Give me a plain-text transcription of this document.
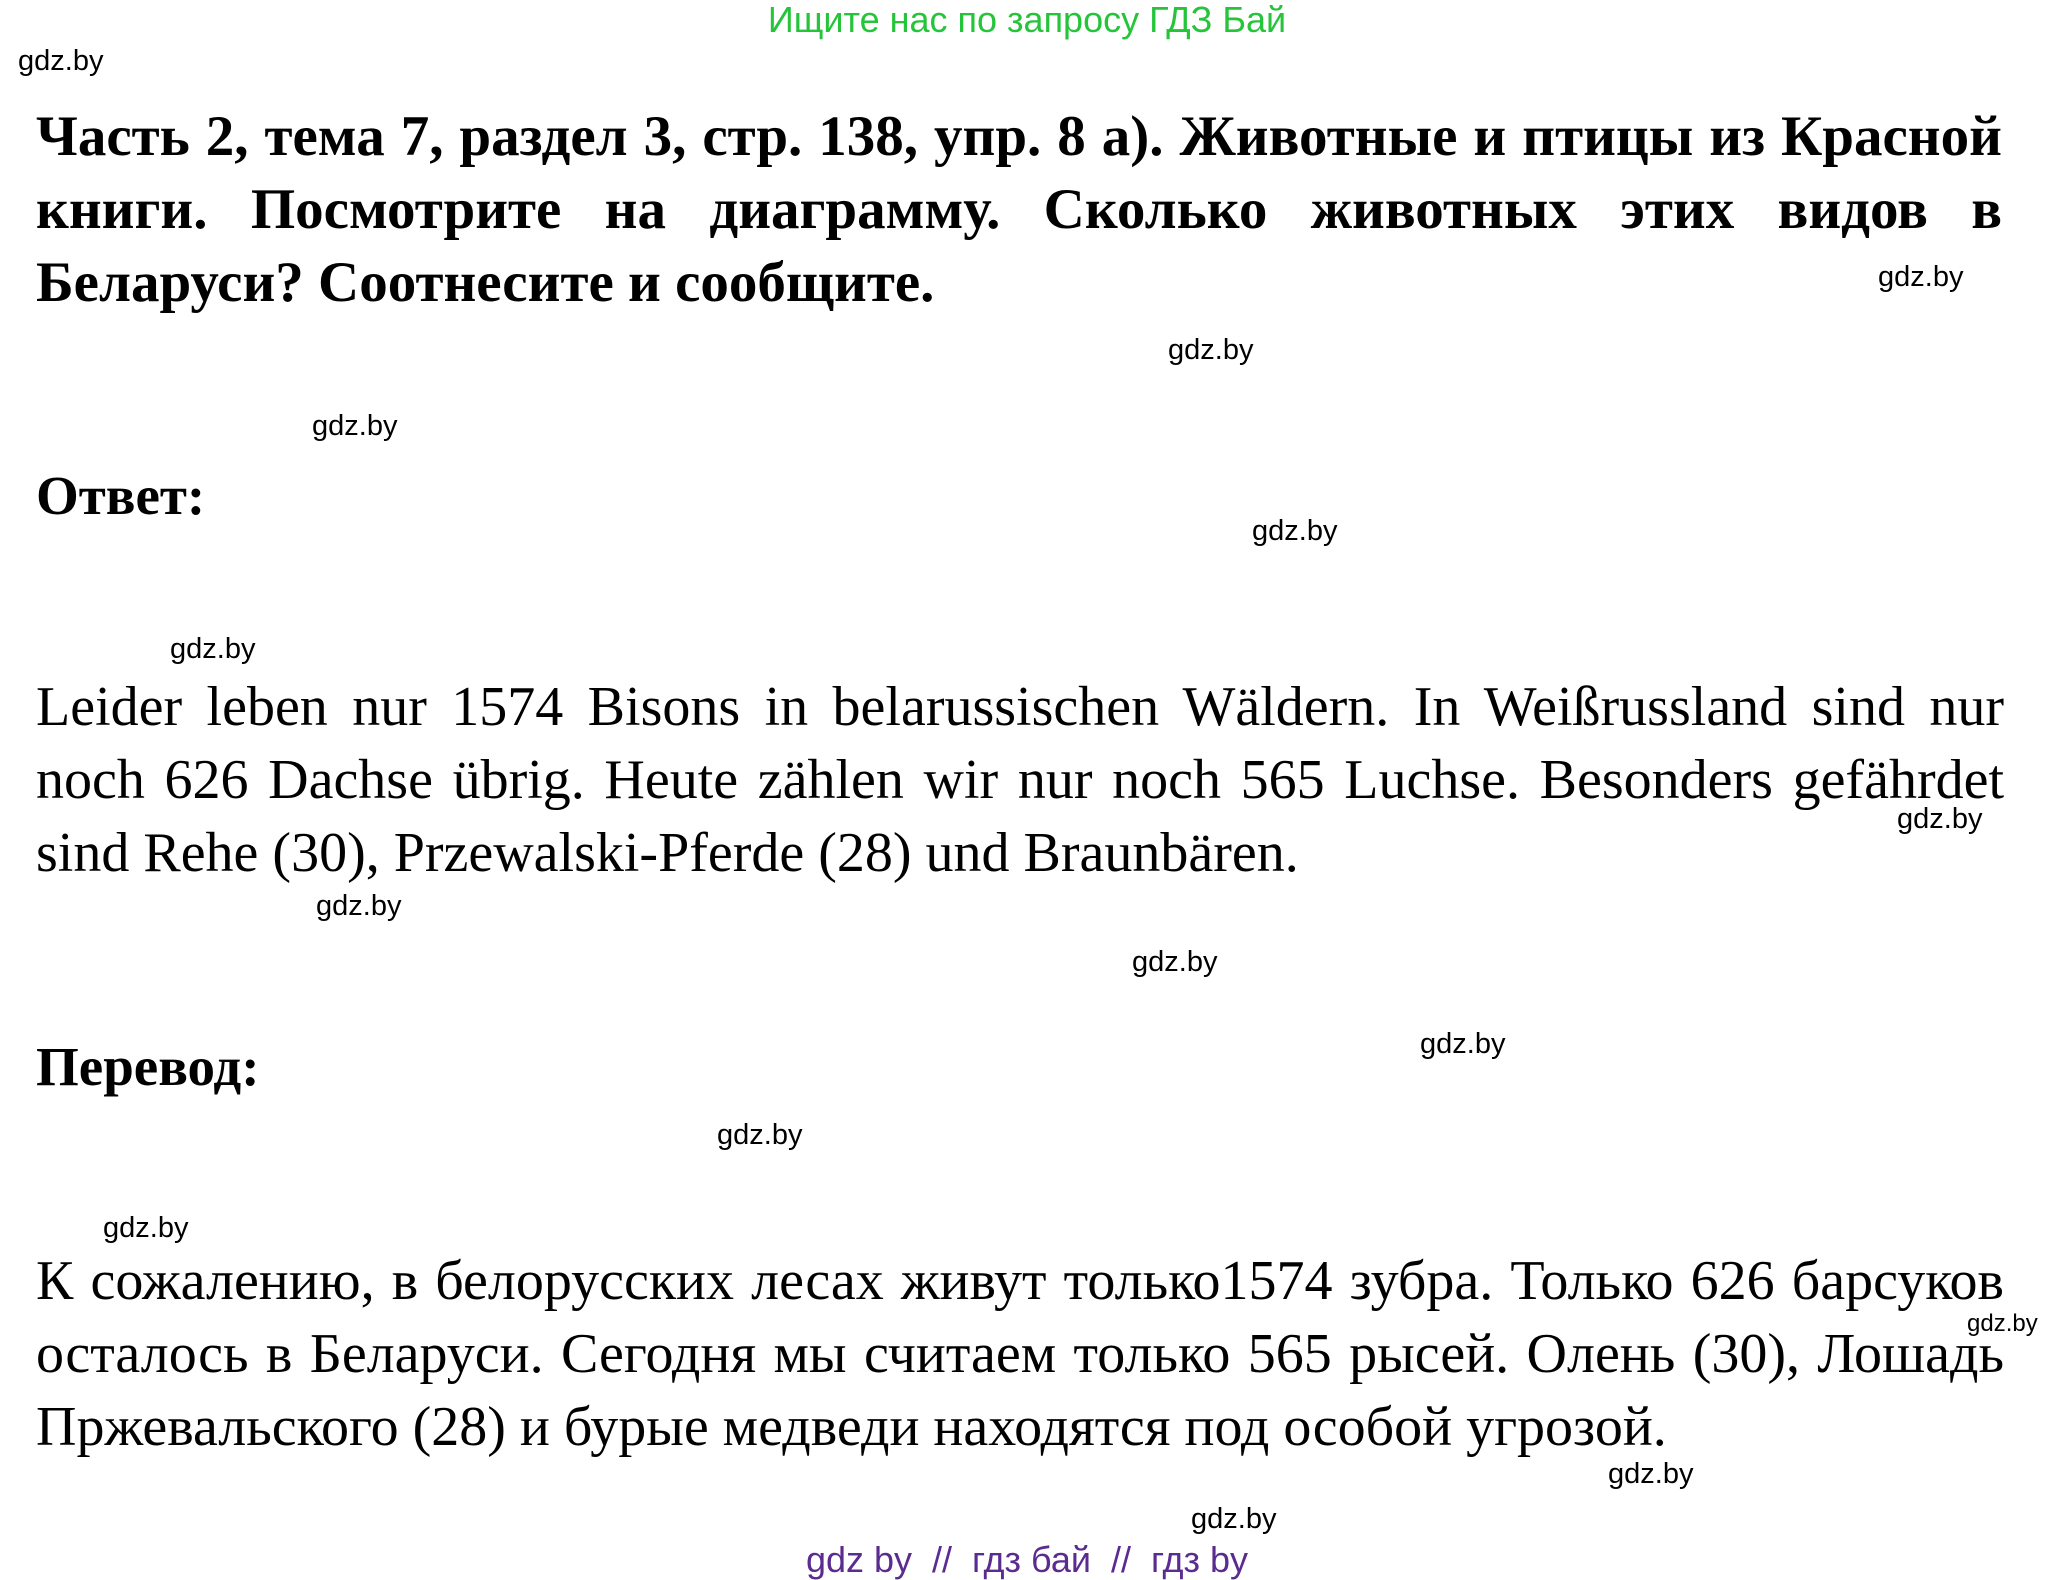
Ищите нас по запросу ГДЗ Бай
gdz.by

Часть 2, тема 7, раздел 3, стр. 138, упр. 8 а). Животные и птицы из Красной книги. Посмотрите на диаграмму. Сколько животных этих видов в Беларуси? Соотнесите и сообщите.	gdz.by
gdz.by
gdz.by
Ответ:
gdz.by
gdz.by

Leider leben nur 1574 Bisons in belarussischen Wäldern. In Weißrussland sind nur noch 626 Dachse übrig. Heute zählen wir nur noch 565 Luchse. Besonders gefährdet sind Rehe (30), Przewalski-Pferde (28) und Braunbären.

gdz.by
gdz.by
gdz.by
gdz.by
Перевод:
gdz.by
gdz.by

К сожалению, в белорусских лесах живут только1574 зубра. Только 626 барсуков осталось в Беларуси. Сегодня мы считаем только 565 рысей. Олень (30), Лошадь Пржевальского (28) и бурые медведи находятся под особой угрозой.

gdz.by
gdz.by
gdz.by
gdz by  //  гдз бай  //  гдз by
